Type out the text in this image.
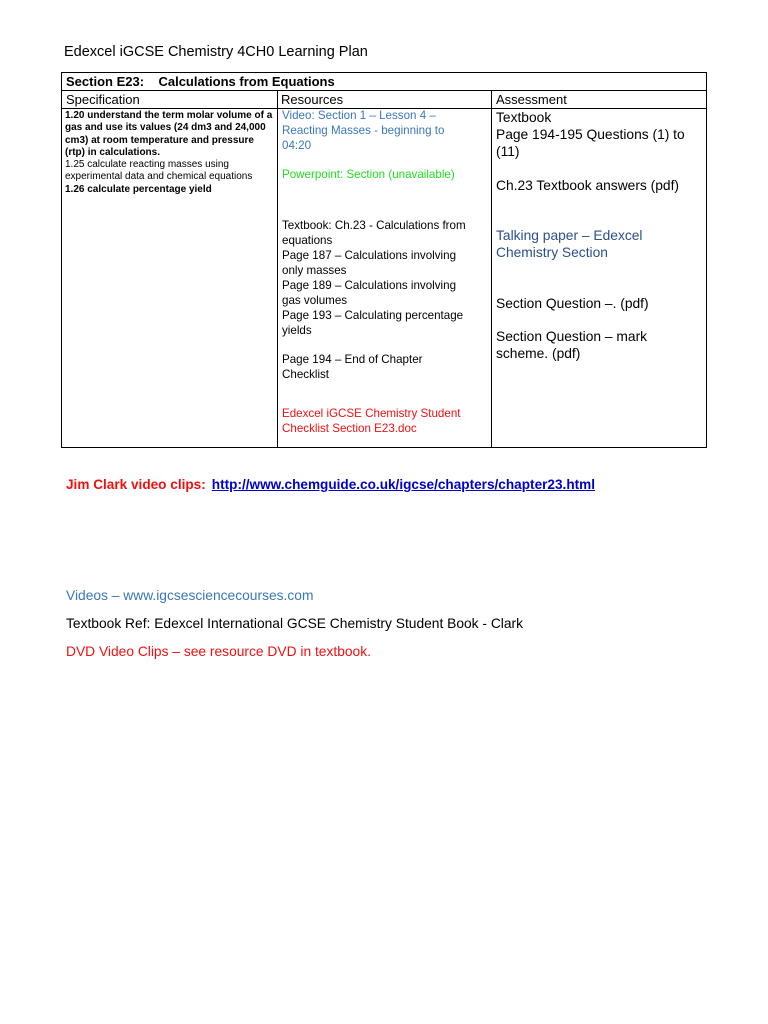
Edexcel iGCSE Chemistry 4CH0 Learning Plan
Section E23:    Calculations from Equations
Specification	Resources	Assessment
1.20 understand the term molar volume of a gas and use its values (24 dm3 and 24,000 cm3) at room temperature and pressure (rtp) in calculations.
1.25 calculate reacting masses using experimental data and chemical equations
1.26 calculate percentage yield
Video: Section 1 – Lesson 4 –
Reacting Masses - beginning to
04:20
Powerpoint: Section (unavailable)
Textbook: Ch.23 - Calculations from
equations
Page 187 – Calculations involving
only masses
Page 189 – Calculations involving
gas volumes
Page 193 – Calculating percentage
yields
Page 194 – End of Chapter
Checklist
Edexcel iGCSE Chemistry Student
Checklist Section E23.doc
Textbook
Page 194-195 Questions (1) to
(11)
Ch.23 Textbook answers (pdf)
Talking paper – Edexcel
Chemistry Section
Section Question –. (pdf)
Section Question – mark
scheme. (pdf)
Jim Clark video clips: http://www.chemguide.co.uk/igcse/chapters/chapter23.html
Videos – www.igcsesciencecourses.com
Textbook Ref: Edexcel International GCSE Chemistry Student Book - Clark
DVD Video Clips – see resource DVD in textbook.
